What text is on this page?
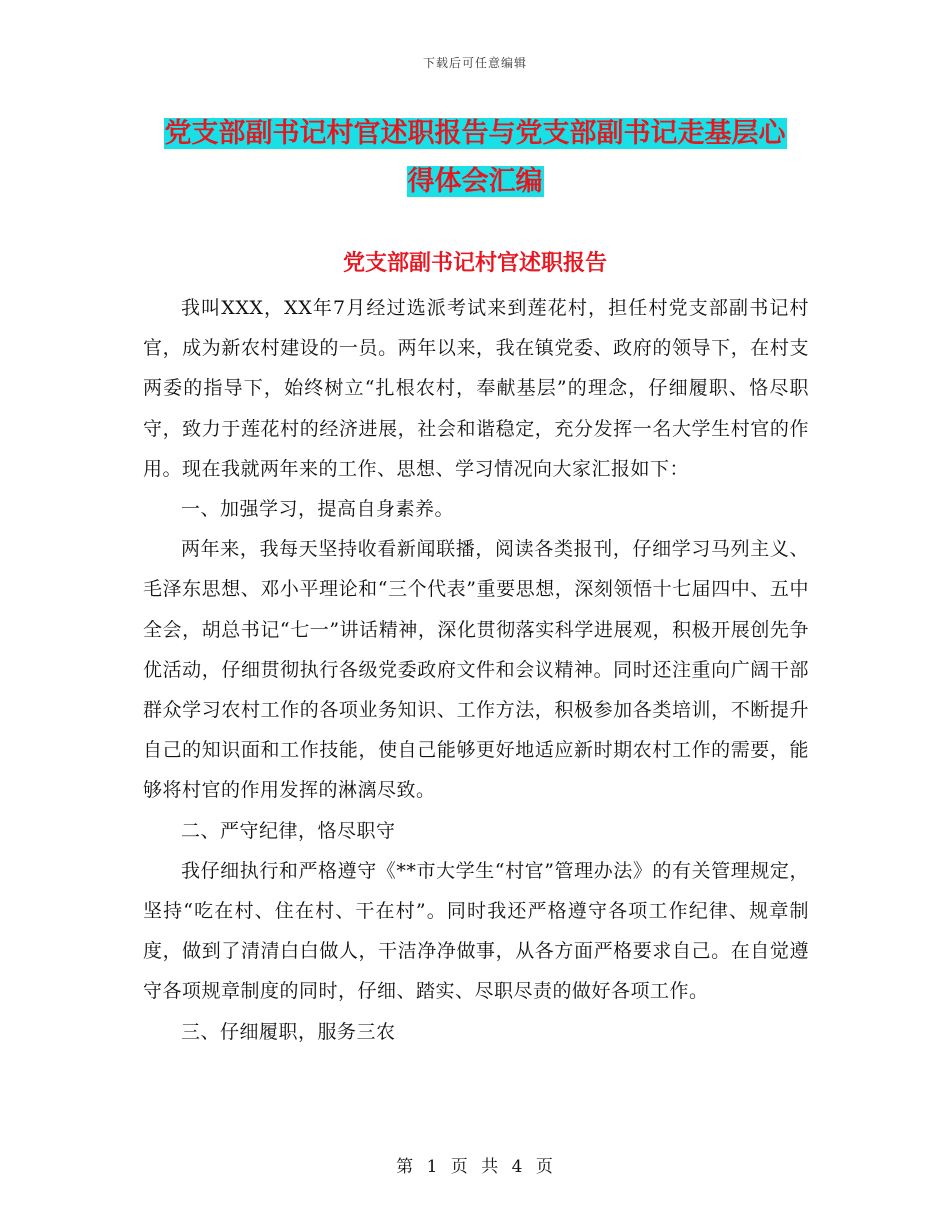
下载后可任意编辑
党支部副书记村官述职报告与党支部副书记走基层心
得体会汇编
党支部副书记村官述职报告

我叫XXX，XX年7月经过选派考试来到莲花村，担任村党支部副书记村官，成为新农村建设的一员。两年以来，我在镇党委、政府的领导下，在村支两委的指导下，始终树立“扎根农村，奉献基层”的理念，仔细履职、恪尽职守，致力于莲花村的经济进展，社会和谐稳定，充分发挥一名大学生村官的作用。现在我就两年来的工作、思想、学习情况向大家汇报如下：

一、加强学习，提高自身素养。

两年来，我每天坚持收看新闻联播，阅读各类报刊，仔细学习马列主义、毛泽东思想、邓小平理论和“三个代表”重要思想，深刻领悟十七届四中、五中全会，胡总书记“七一”讲话精神，深化贯彻落实科学进展观，积极开展创先争优活动，仔细贯彻执行各级党委政府文件和会议精神。同时还注重向广阔干部群众学习农村工作的各项业务知识、工作方法，积极参加各类培训，不断提升自己的知识面和工作技能，使自己能够更好地适应新时期农村工作的需要，能够将村官的作用发挥的淋漓尽致。

二、严守纪律，恪尽职守

我仔细执行和严格遵守《**市大学生“村官”管理办法》的有关管理规定，坚持“吃在村、住在村、干在村”。同时我还严格遵守各项工作纪律、规章制度，做到了清清白白做人，干洁净净做事，从各方面严格要求自己。在自觉遵守各项规章制度的同时，仔细、踏实、尽职尽责的做好各项工作。

三、仔细履职，服务三农

第 1 页 共 4 页
